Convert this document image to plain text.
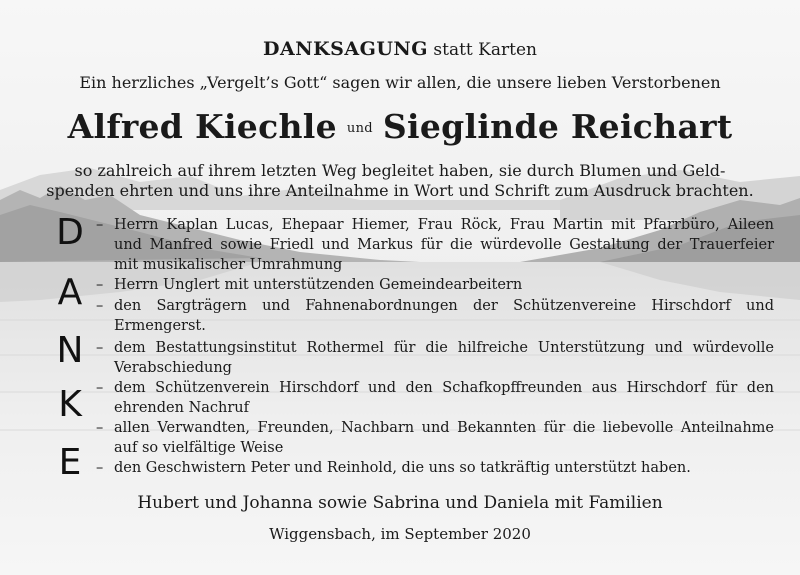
DANKSAGUNG statt Karten
Ein herzliches „Vergelt’s Gott“ sagen wir allen, die unsere lieben Verstorbenen
Alfred Kiechle und Sieglinde Reichart
so zahlreich auf ihrem letzten Weg begleitet haben, sie durch Blumen und Geld-
spenden ehrten und uns ihre Anteilnahme in Wort und Schrift zum Ausdruck brachten.
D
A
N
K
E
– Herrn Kaplan Lucas, Ehepaar Hiemer, Frau Röck, Frau Martin mit Pfarrbüro, Aileen
und Manfred sowie Friedl und Markus für die würdevolle Gestaltung der Trauerfeier
mit musikalischer Umrahmung
– Herrn Unglert mit unterstützenden Gemeindearbeitern
– den Sargträgern und Fahnenabordnungen der Schützenvereine Hirschdorf und
Ermengerst.
– dem Bestattungsinstitut Rothermel für die hilfreiche Unterstützung und würdevolle
Verabschiedung
– dem Schützenverein Hirschdorf und den Schafkopffreunden aus Hirschdorf für den
ehrenden Nachruf
– allen Verwandten, Freunden, Nachbarn und Bekannten für die liebevolle Anteilnahme
auf so vielfältige Weise
– den Geschwistern Peter und Reinhold, die uns so tatkräftig unterstützt haben.
Hubert und Johanna sowie Sabrina und Daniela mit Familien
Wiggensbach, im September 2020
